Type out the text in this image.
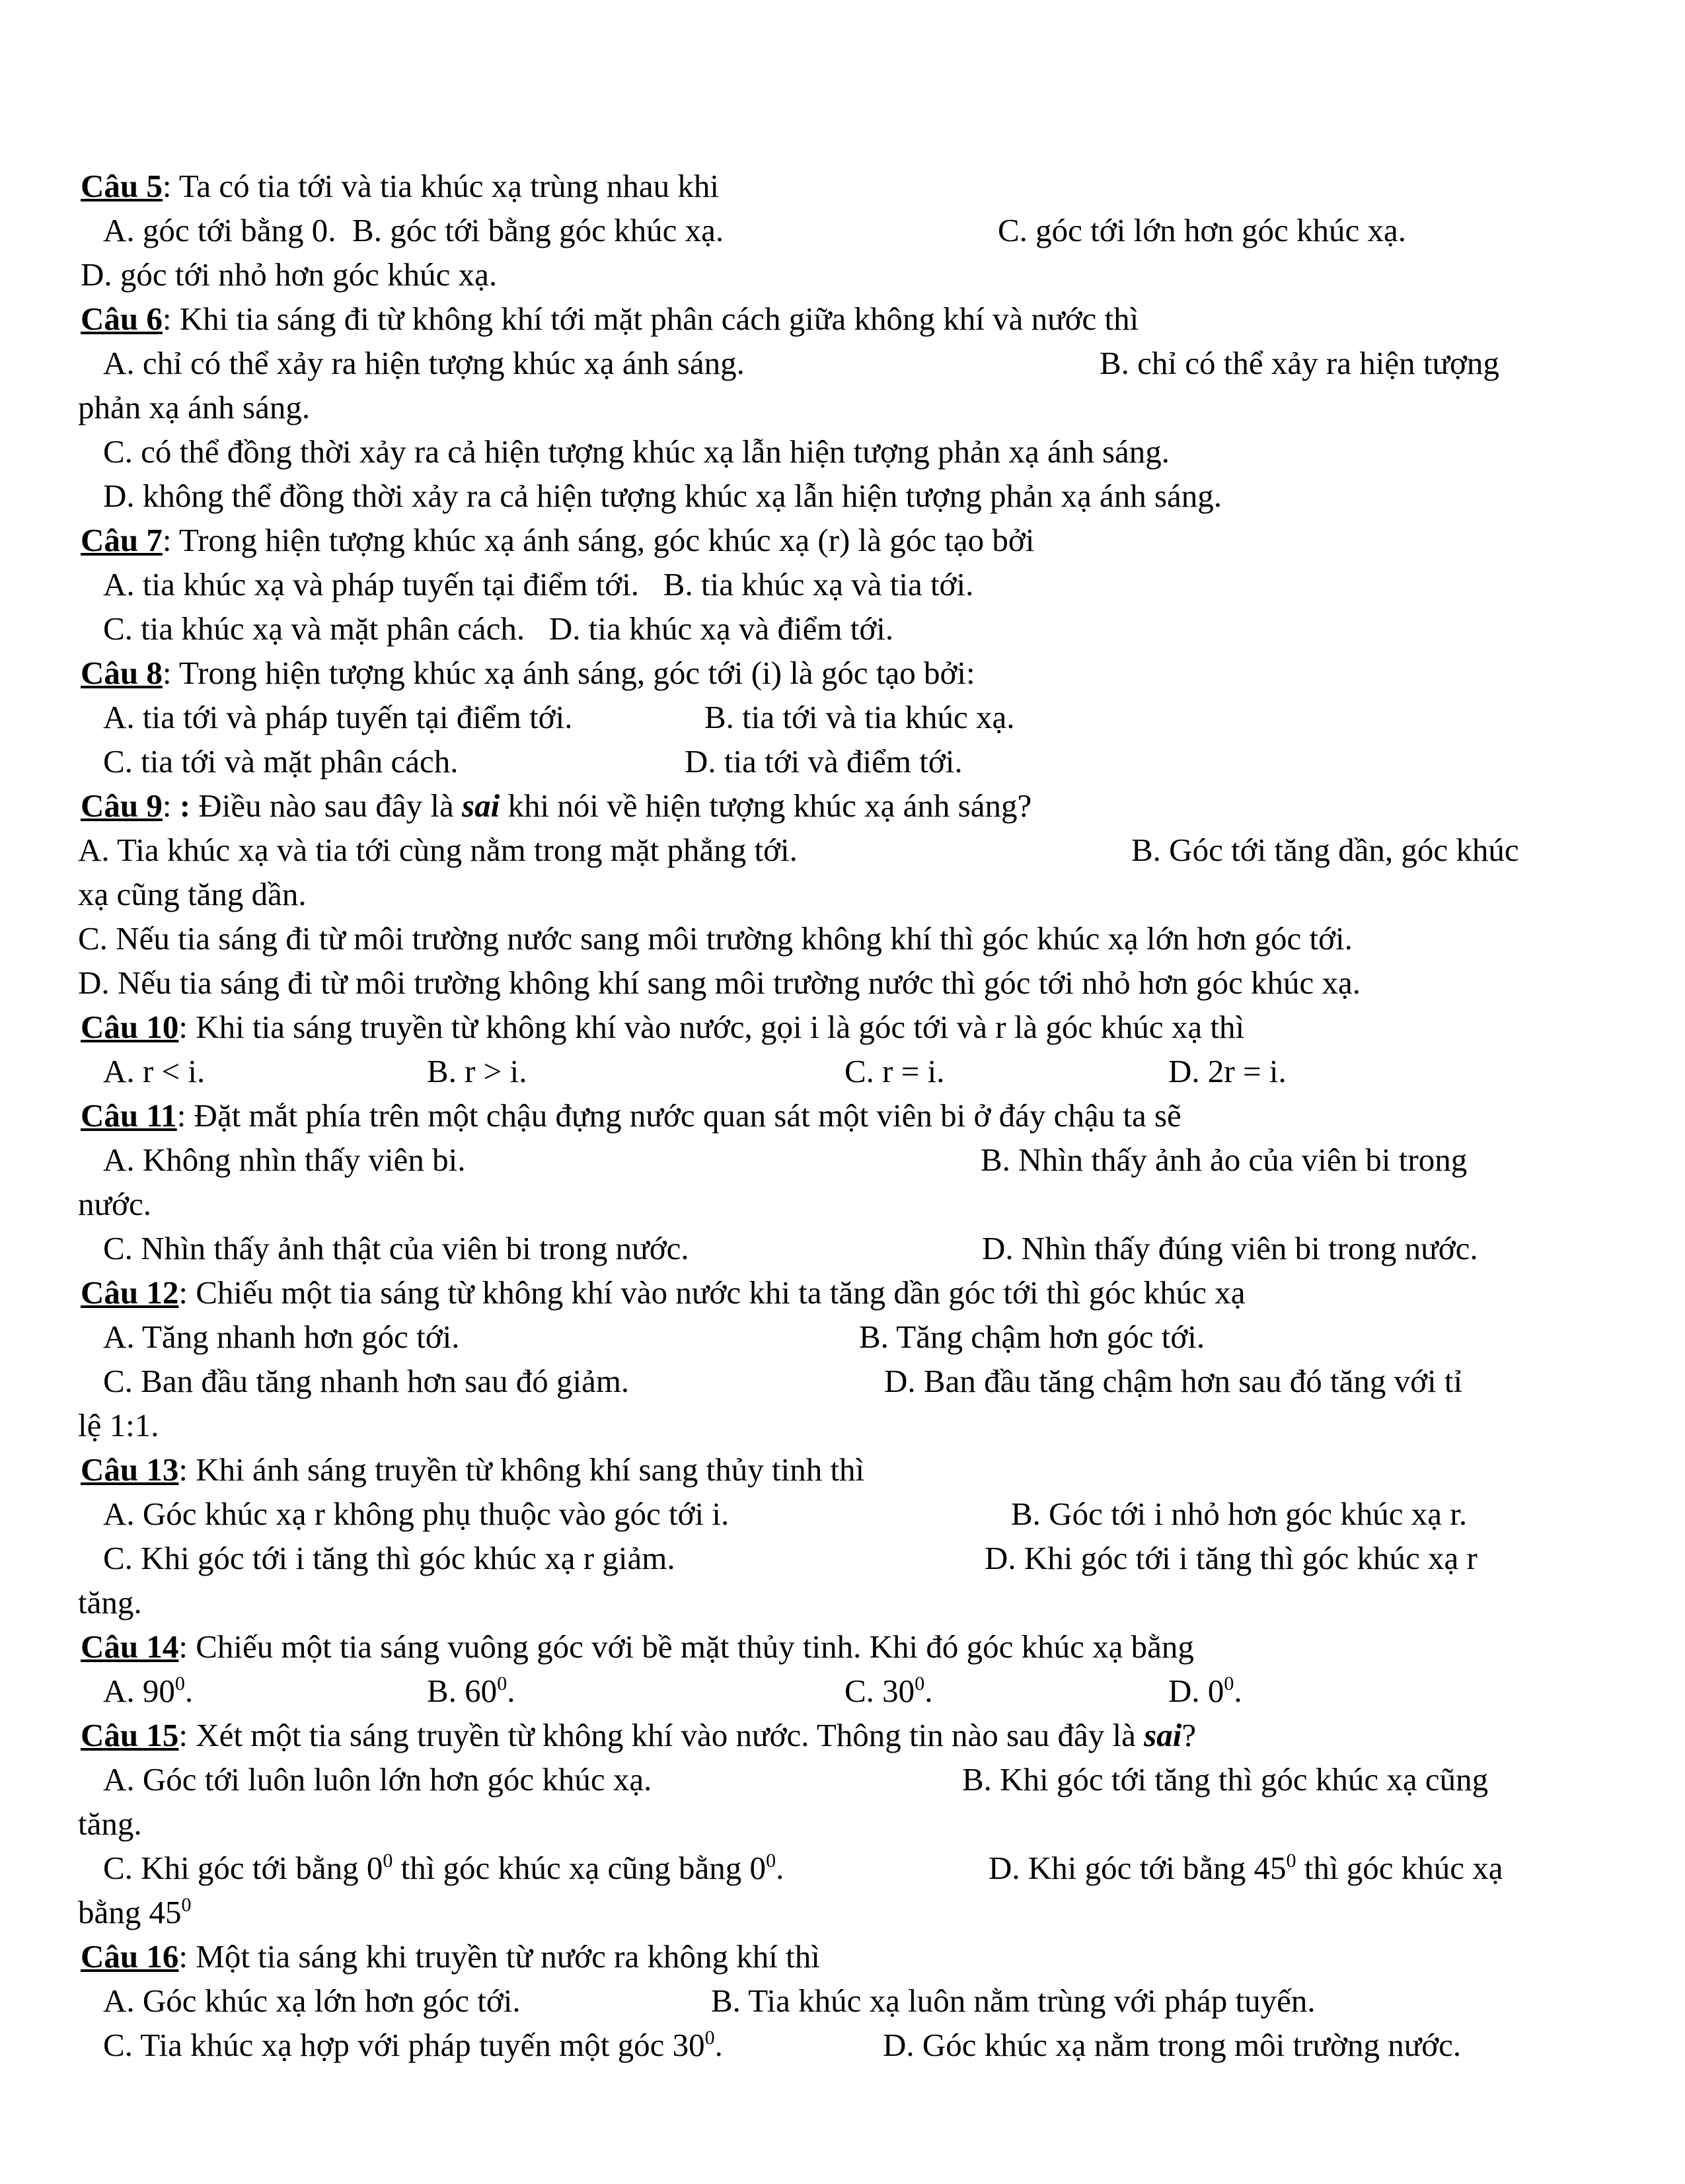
Câu 5: Ta có tia tới và tia khúc xạ trùng nhau khi
A. góc tới bằng 0.  B. góc tới bằng góc khúc xạ.	C. góc tới lớn hơn góc khúc xạ.
D. góc tới nhỏ hơn góc khúc xạ.
Câu 6: Khi tia sáng đi từ không khí tới mặt phân cách giữa không khí và nước thì
A. chỉ có thể xảy ra hiện tượng khúc xạ ánh sáng.	B. chỉ có thể xảy ra hiện tượng
phản xạ ánh sáng.
C. có thể đồng thời xảy ra cả hiện tượng khúc xạ lẫn hiện tượng phản xạ ánh sáng.
D. không thể đồng thời xảy ra cả hiện tượng khúc xạ lẫn hiện tượng phản xạ ánh sáng.
Câu 7: Trong hiện tượng khúc xạ ánh sáng, góc khúc xạ (r) là góc tạo bởi
A. tia khúc xạ và pháp tuyến tại điểm tới.   B. tia khúc xạ và tia tới.
C. tia khúc xạ và mặt phân cách.   D. tia khúc xạ và điểm tới.
Câu 8: Trong hiện tượng khúc xạ ánh sáng, góc tới (i) là góc tạo bởi:
A. tia tới và pháp tuyến tại điểm tới.	B. tia tới và tia khúc xạ.
C. tia tới và mặt phân cách.	D. tia tới và điểm tới.
Câu 9: : Điều nào sau đây là sai khi nói về hiện tượng khúc xạ ánh sáng?
A. Tia khúc xạ và tia tới cùng nằm trong mặt phẳng tới.	B. Góc tới tăng dần, góc khúc
xạ cũng tăng dần.
C. Nếu tia sáng đi từ môi trường nước sang môi trường không khí thì góc khúc xạ lớn hơn góc tới.
D. Nếu tia sáng đi từ môi trường không khí sang môi trường nước thì góc tới nhỏ hơn góc khúc xạ.
Câu 10: Khi tia sáng truyền từ không khí vào nước, gọi i là góc tới và r là góc khúc xạ thì
A. r < i.	B. r > i.	C. r = i.	D. 2r = i.
Câu 11: Đặt mắt phía trên một chậu đựng nước quan sát một viên bi ở đáy chậu ta sẽ
A. Không nhìn thấy viên bi.	B. Nhìn thấy ảnh ảo của viên bi trong
nước.
C. Nhìn thấy ảnh thật của viên bi trong nước.	D. Nhìn thấy đúng viên bi trong nước.
Câu 12: Chiếu một tia sáng từ không khí vào nước khi ta tăng dần góc tới thì góc khúc xạ
A. Tăng nhanh hơn góc tới.	B. Tăng chậm hơn góc tới.
C. Ban đầu tăng nhanh hơn sau đó giảm.	D. Ban đầu tăng chậm hơn sau đó tăng với tỉ
lệ 1:1.
Câu 13: Khi ánh sáng truyền từ không khí sang thủy tinh thì
A. Góc khúc xạ r không phụ thuộc vào góc tới i.	B. Góc tới i nhỏ hơn góc khúc xạ r.
C. Khi góc tới i tăng thì góc khúc xạ r giảm.	D. Khi góc tới i tăng thì góc khúc xạ r
tăng.
Câu 14: Chiếu một tia sáng vuông góc với bề mặt thủy tinh. Khi đó góc khúc xạ bằng

A. $90^0$.

	B. $60^0$.

	C. $30^0$.

	D. $0^0$.

Câu 15: Xét một tia sáng truyền từ không khí vào nước. Thông tin nào sau đây là sai?
A. Góc tới luôn luôn lớn hơn góc khúc xạ.	B. Khi góc tới tăng thì góc khúc xạ cũng
tăng.

C. Khi góc tới bằng $0^0$ thì góc khúc xạ cũng bằng $0^0$.

	D. Khi góc tới bằng $45^0$ thì góc khúc xạ

bằng $45^0$
Câu 16: Một tia sáng khi truyền từ nước ra không khí thì
A. Góc khúc xạ lớn hơn góc tới.	B. Tia khúc xạ luôn nằm trùng với pháp tuyến.

C. Tia khúc xạ hợp với pháp tuyến một góc $30^0$.

	D. Góc khúc xạ nằm trong môi trường nước.
